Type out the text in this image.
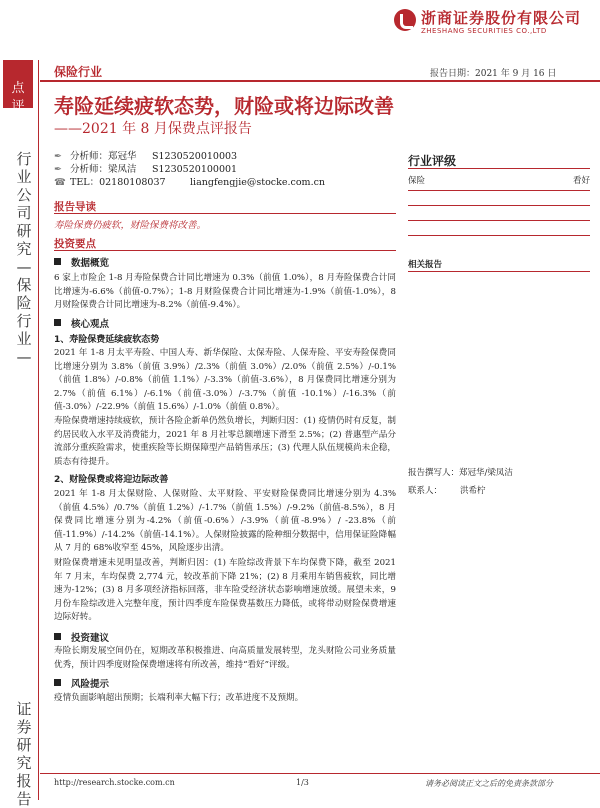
点评
行业公司研究—保险行业—
证券研究报告
浙商证券股份有限公司
ZHESHANG SECURITIES CO.,LTD
保险行业	报告日期：2021 年 9 月 16 日
寿险延续疲软态势，财险或将边际改善
——2021 年 8 月保费点评报告
✒ 分析师：郑冠华 S1230520010003
✒ 分析师：梁凤洁 S1230520100001
☎ TEL：02180108037	liangfengjie@stocke.com.cn
行业评级
保险	看好
相关报告
报告撰写人：郑冠华/梁凤洁
联系人： 洪希柠
报告导读
寿险保费仍疲软，财险保费将改善。
投资要点
数据概览
6 家上市险企 1-8 月寿险保费合计同比增速为 0.3%（前值 1.0%），8 月寿险保费合计同比增速为-6.6%（前值-0.7%）；1-8 月财险保费合计同比增速为-1.9%（前值-1.0%），8 月财险保费合计同比增速为-8.2%（前值-9.4%）。
核心观点
1、寿险保费延续疲软态势
2021 年 1-8 月太平寿险、中国人寿、新华保险、太保寿险、人保寿险、平安寿险保费同比增速分别为 3.8%（前值 3.9%）/2.3%（前值 3.0%）/2.0%（前值 2.5%）/-0.1%（前值 1.8%）/-0.8%（前值 1.1%）/-3.3%（前值-3.6%），8 月保费同比增速分别为 2.7%（前值 6.1%）/-6.1%（前值-3.0%）/-3.7%（前值 -10.1%）/-16.3%（前值-3.0%）/-22.9%（前值 15.6%）/-1.0%（前值 0.8%）。
寿险保费增速持续疲软，预计各险企新单仍然负增长，判断归因：(1) 疫情仍时有反复，制约居民收入水平及消费能力，2021 年 8 月社零总额增速下滑至 2.5%；(2) 普惠型产品分流部分重疾险需求，使重疾险等长期保障型产品销售承压；(3) 代理人队伍规模尚未企稳，质态有待提升。
2、财险保费或将迎边际改善
2021 年 1-8 月太保财险、人保财险、太平财险、平安财险保费同比增速分别为 4.3%（前值 4.5%）/0.7%（前值 1.2%）/-1.7%（前值 1.5%）/-9.2%（前值-8.5%），8 月保费同比增速分别为-4.2%（前值-0.6%）/-3.9%（前值-8.9%）/ -23.8%（前值-11.9%）/-14.2%（前值-14.1%）。人保财险披露的险种细分数据中，信用保证险降幅从 7 月的 68%收窄至 45%，风险逐步出清。
财险保费增速未见明显改善，判断归因：(1) 车险综改背景下车均保费下降，截至 2021 年 7 月末，车均保费 2,774 元，较改革前下降 21%；(2) 8 月乘用车销售疲软，同比增速为-12%；(3) 8 月多项经济指标回落，非车险受经济状态影响增速放缓。展望未来，9 月份车险综改进入完整年度，预计四季度车险保费基数压力降低，或将带动财险保费增速边际好转。
投资建议
寿险长期发展空间仍在，短期改革积极推进、向高质量发展转型，龙头财险公司业务质量优秀，预计四季度财险保费增速将有所改善，维持“看好”评级。
风险提示
疫情负面影响超出预期；长端利率大幅下行；改革进度不及预期。
http://research.stocke.com.cn	1/3	请务必阅读正文之后的免责条款部分
